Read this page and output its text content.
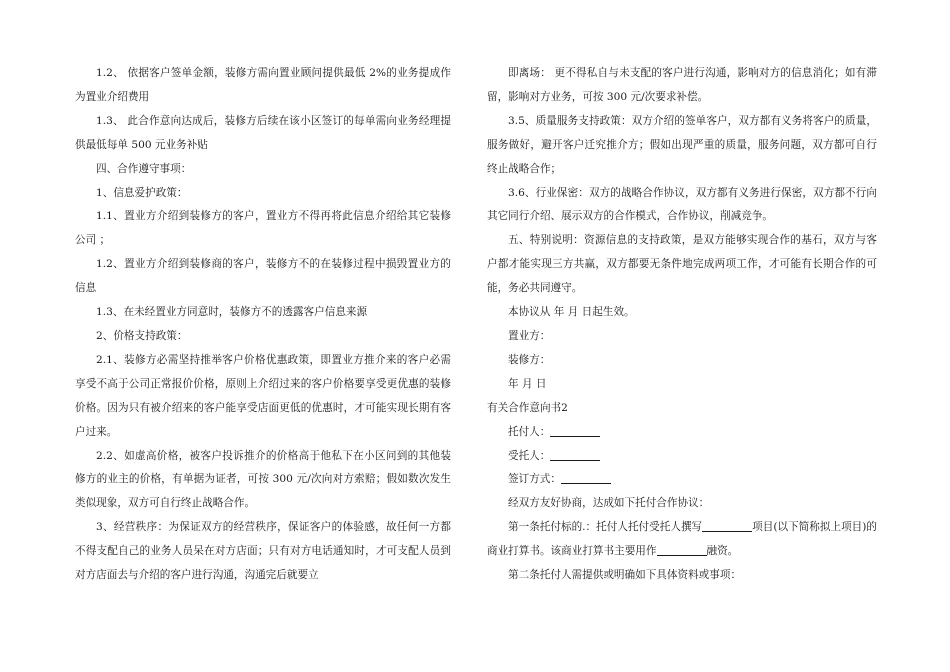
1.2、 依据客户签单金额，装修方需向置业顾问提供最低 2%的业务提成作为置业介绍费用

1.3、 此合作意向达成后，装修方后续在该小区签订的每单需向业务经理提供最低每单 500 元业务补贴

四、合作遵守事项：

1、信息爱护政策：

1.1、置业方介绍到装修方的客户，置业方不得再将此信息介绍给其它装修公司 ；

1.2、置业方介绍到装修商的客户，装修方不的在装修过程中损毁置业方的信息

1.3、在未经置业方同意时，装修方不的透露客户信息来源

2、价格支持政策：

2.1、装修方必需坚持推举客户价格优惠政策，即置业方推介来的客户必需享受不高于公司正常报价价格，原则上介绍过来的客户价格要享受更优惠的装修价格。因为只有被介绍来的客户能享受店面更低的优惠时，才可能实现长期有客户过来。

2.2、如虚高价格，被客户投诉推介的价格高于他私下在小区问到的其他装修方的业主的价格，有单据为证者，可按 300 元/次向对方索赔；假如数次发生类似现象，双方可自行终止战略合作。

3、经营秩序：为保证双方的经营秩序，保证客户的体验感，故任何一方都不得支配自己的业务人员呆在对方店面；只有对方电话通知时，才可支配人员到对方店面去与介绍的客户进行沟通，沟通完后就要立

即离场： 更不得私自与未支配的客户进行沟通，影响对方的信息消化；如有滞留，影响对方业务，可按 300 元/次要求补偿。

3.5、质量服务支持政策：双方介绍的签单客户，双方都有义务将客户的质量，服务做好，避开客户迁究推介方；假如出现严重的质量，服务问题，双方都可自行终止战略合作；

3.6、行业保密：双方的战略合作协议，双方都有义务进行保密，双方都不行向其它同行介绍、展示双方的合作模式，合作协议，削减竞争。

五、特别说明：资源信息的支持政策，是双方能够实现合作的基石，双方与客户都才能实现三方共赢，双方都要无条件地完成两项工作，才可能有长期合作的可能，务必共同遵守。

本协议从 年 月 日起生效。

置业方：

装修方：

年 月 日

有关合作意向书2

托付人：

受托人：

签订方式：

经双方友好协商，达成如下托付合作协议：

第一条托付标的.：托付人托付受托人撰写	项目(以下简称拟上项目)的商业打算书。该商业打算书主要用作	融资。

第二条托付人需提供或明确如下具体资料或事项：
